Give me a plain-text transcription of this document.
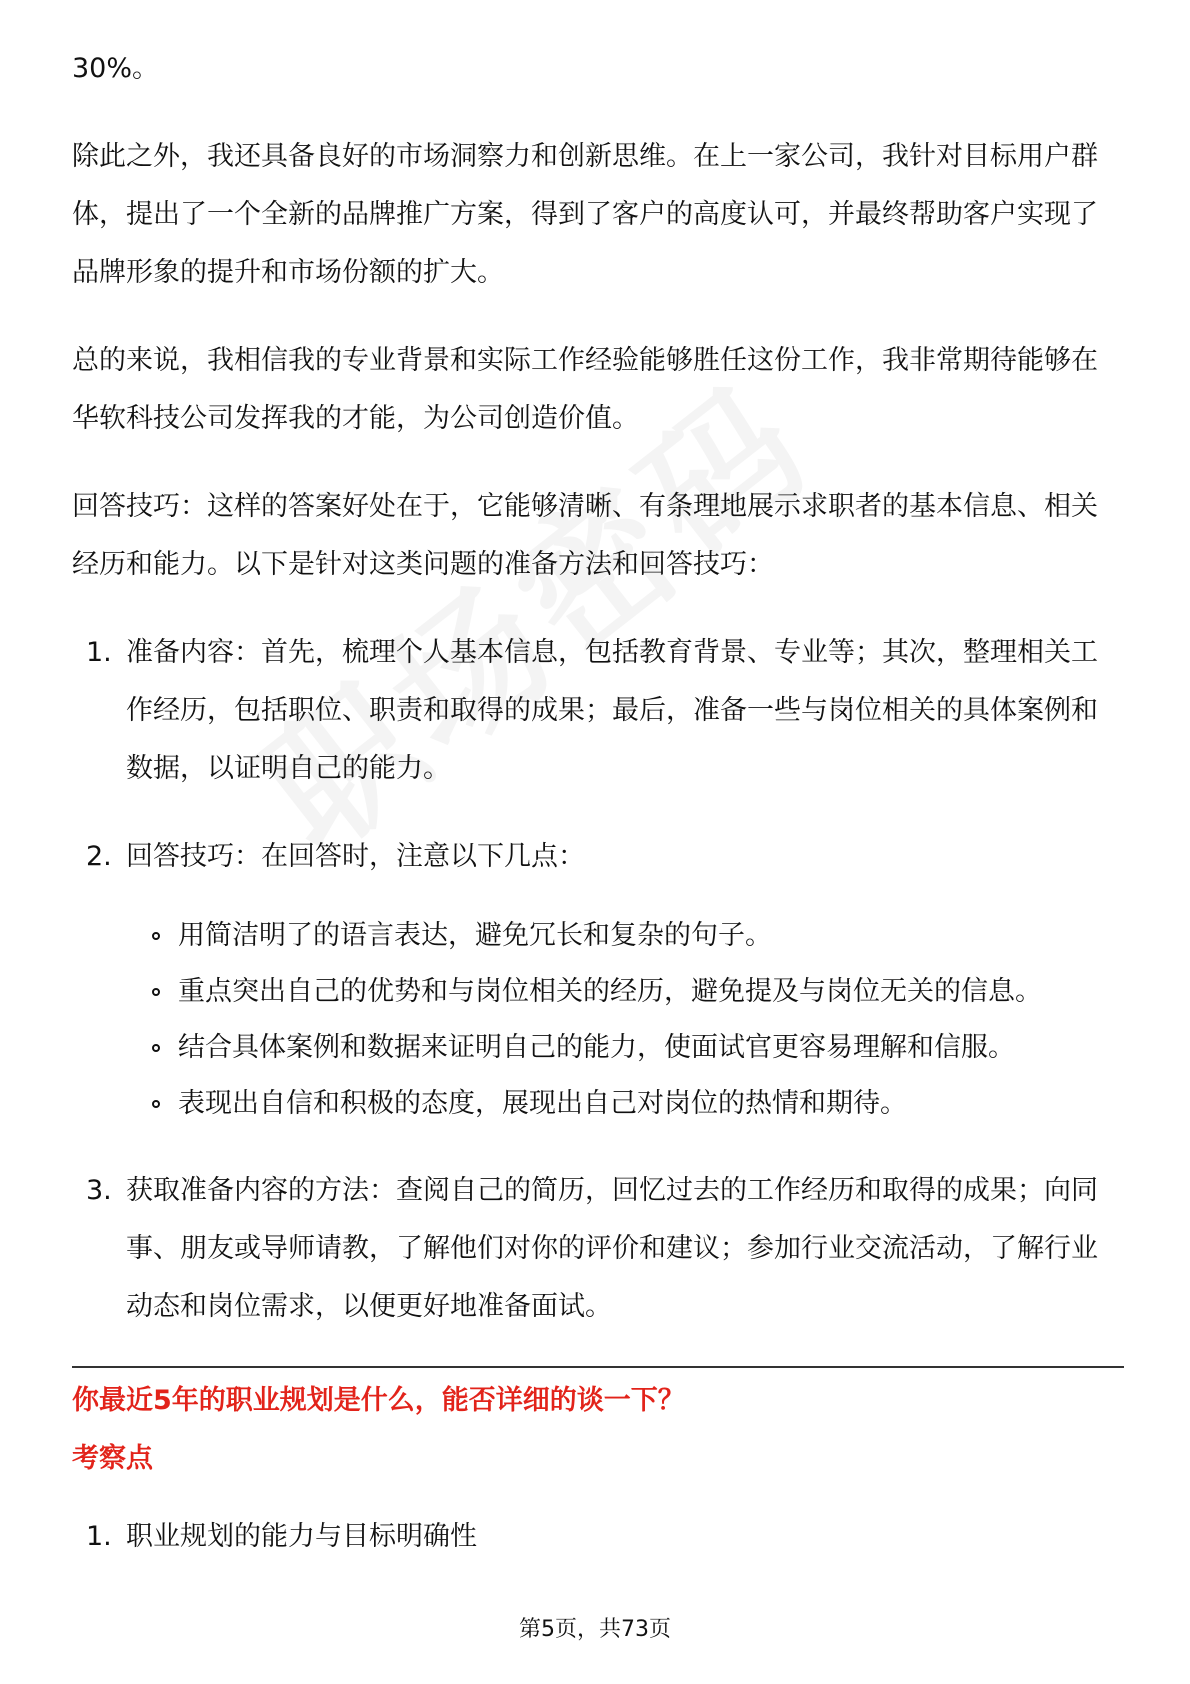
30%。

除此之外，我还具备良好的市场洞察力和创新思维。在上一家公司，我针对目标用户群体，提出了一个全新的品牌推广方案，得到了客户的高度认可，并最终帮助客户实现了品牌形象的提升和市场份额的扩大。

总的来说，我相信我的专业背景和实际工作经验能够胜任这份工作，我非常期待能够在华软科技公司发挥我的才能，为公司创造价值。

回答技巧：这样的答案好处在于，它能够清晰、有条理地展示求职者的基本信息、相关经历和能力。以下是针对这类问题的准备方法和回答技巧：

1. 准备内容：首先，梳理个人基本信息，包括教育背景、专业等；其次，整理相关工作经历，包括职位、职责和取得的成果；最后，准备一些与岗位相关的具体案例和数据，以证明自己的能力。
2. 回答技巧：在回答时，注意以下几点：
用简洁明了的语言表达，避免冗长和复杂的句子。
重点突出自己的优势和与岗位相关的经历，避免提及与岗位无关的信息。
结合具体案例和数据来证明自己的能力，使面试官更容易理解和信服。
表现出自信和积极的态度，展现出自己对岗位的热情和期待。
3. 获取准备内容的方法：查阅自己的简历，回忆过去的工作经历和取得的成果；向同事、朋友或导师请教，了解他们对你的评价和建议；参加行业交流活动，了解行业动态和岗位需求，以便更好地准备面试。
你最近5年的职业规划是什么，能否详细的谈一下？
考察点
1. 职业规划的能力与目标明确性
第5页，共73页
